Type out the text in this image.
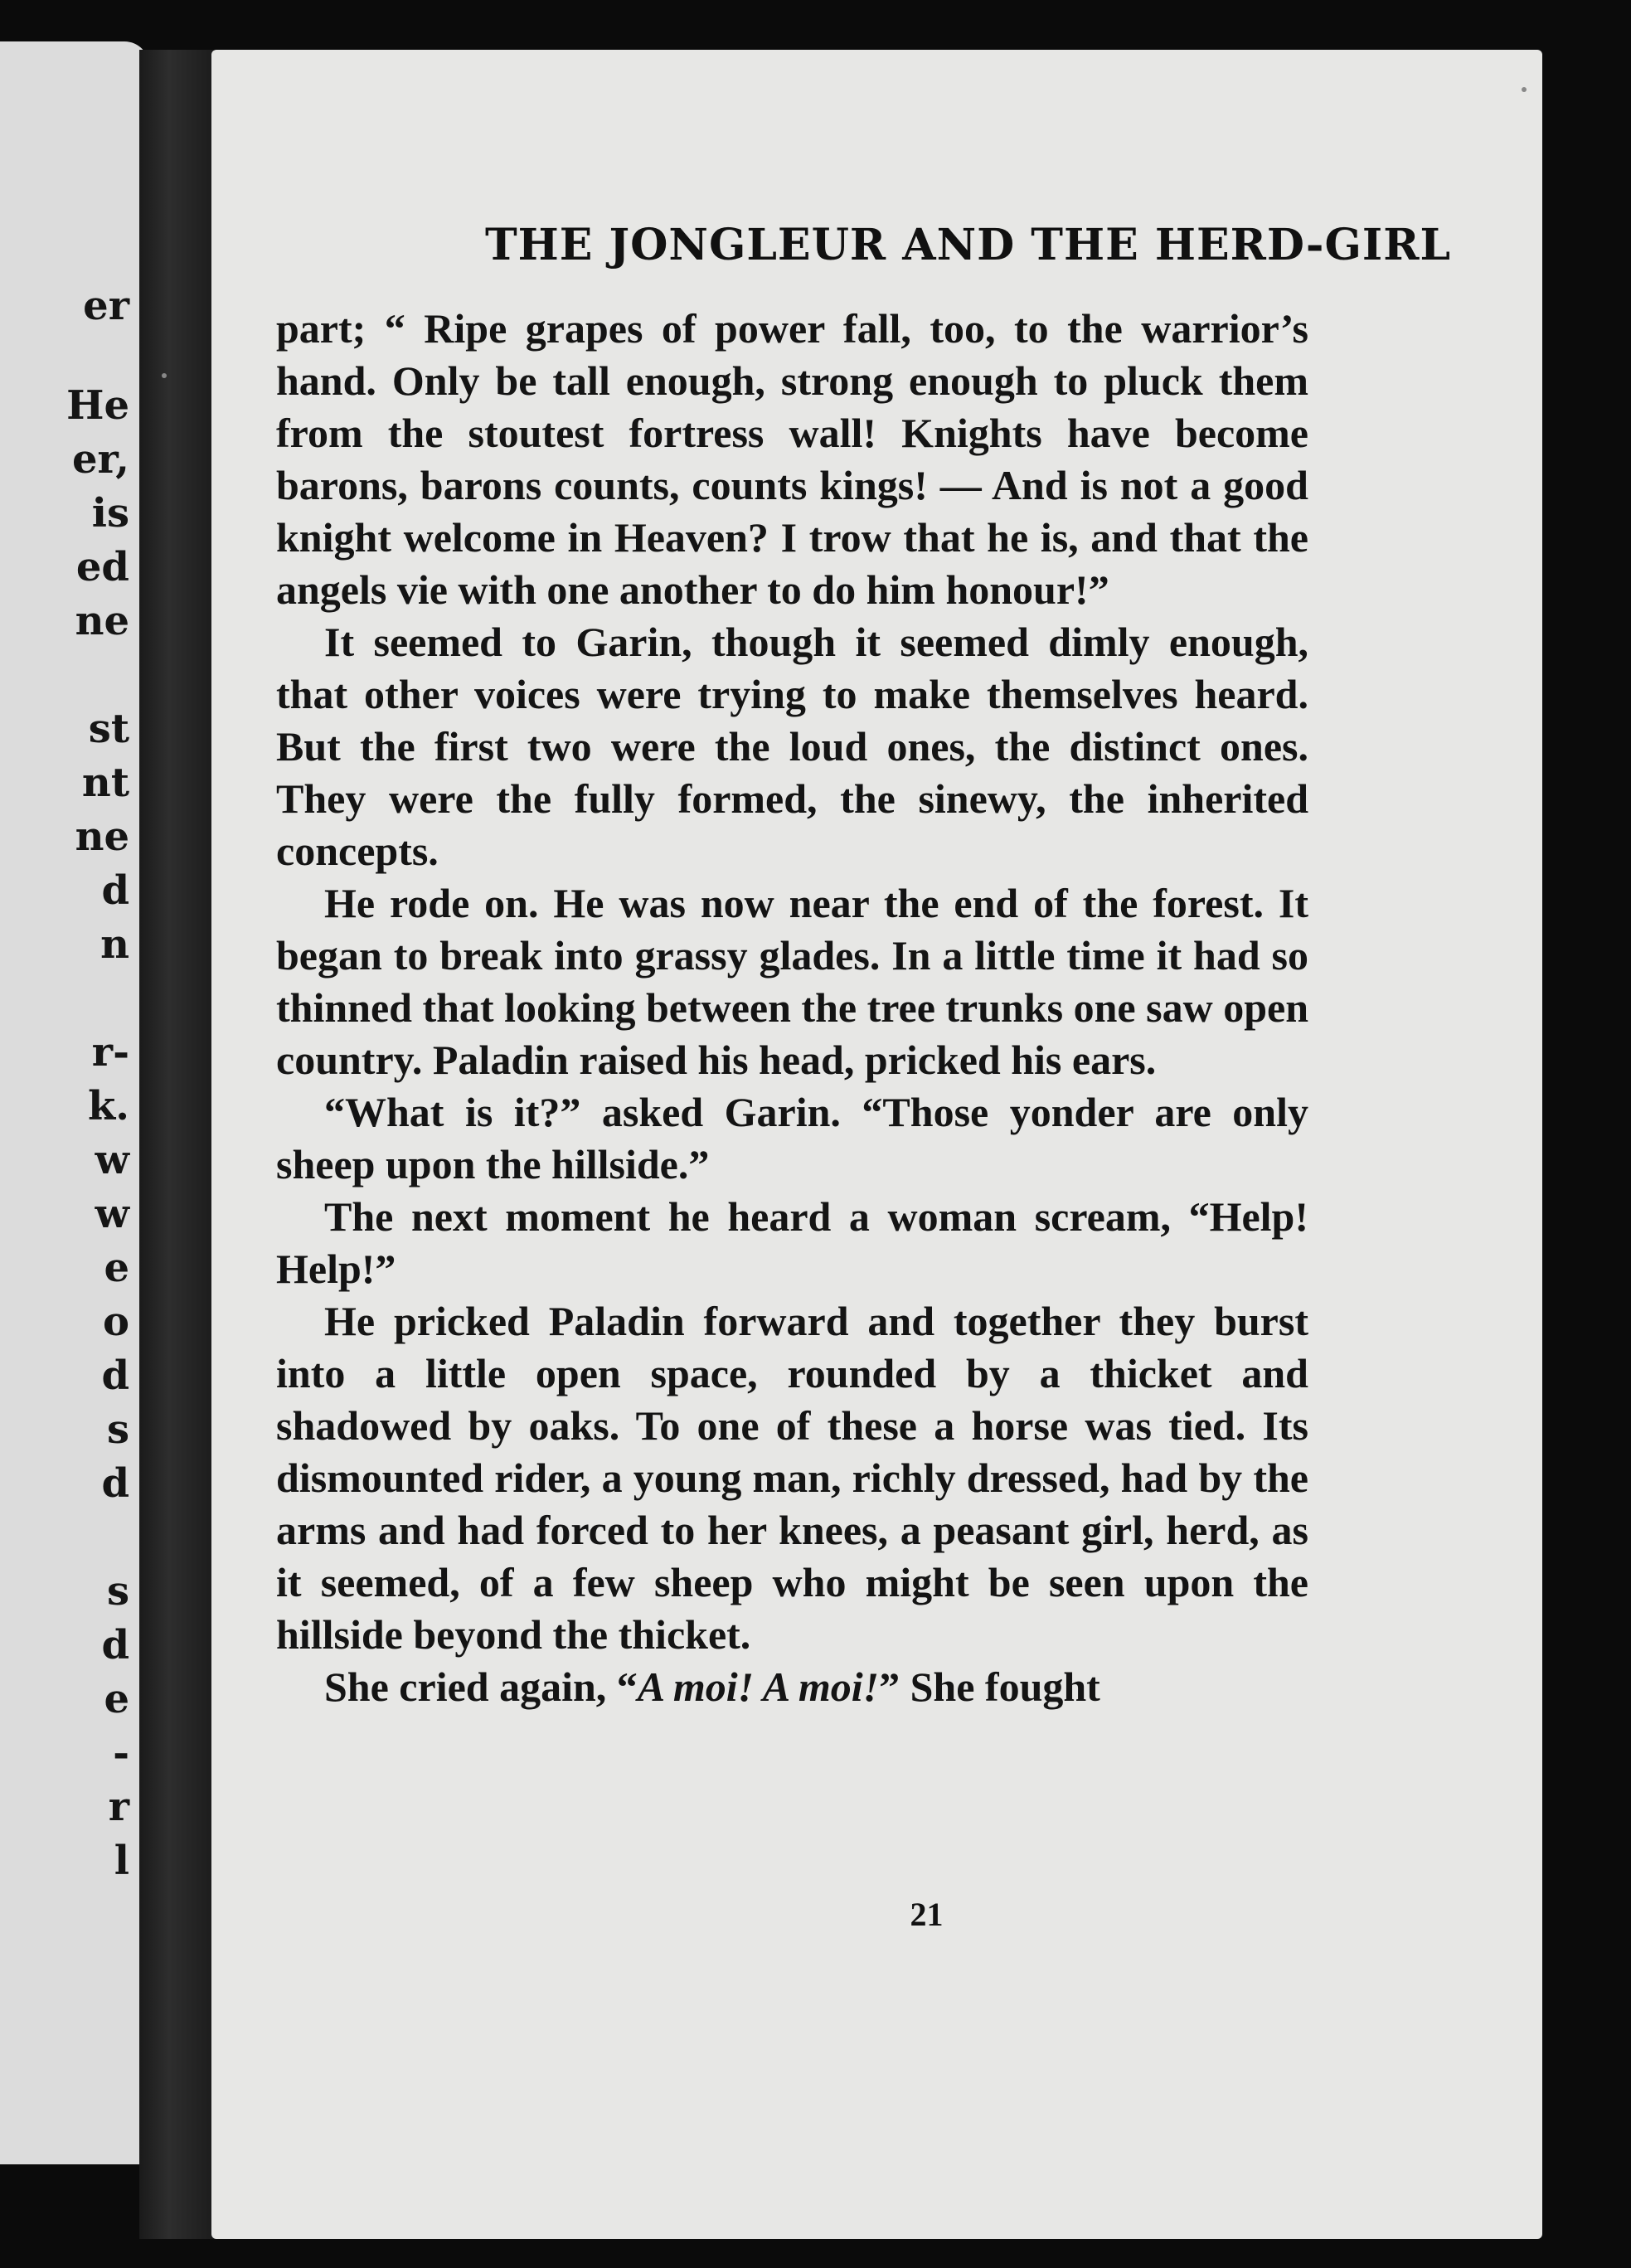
er
He
er,
is
ed
ne
st
nt
ne
d
n
r-
k.
w
w
e
o
d
s
d
s
d
e
-
r
l
THE JONGLEUR AND THE HERD-GIRL

part; “ Ripe grapes of power fall, too, to the warrior’s hand. Only be tall enough, strong enough to pluck them from the stoutest fortress wall! Knights have become barons, barons counts, counts kings! — And is not a good knight welcome in Heaven? I trow that he is, and that the angels vie with one another to do him honour!”

It seemed to Garin, though it seemed dimly enough, that other voices were trying to make themselves heard. But the first two were the loud ones, the distinct ones. They were the fully formed, the sinewy, the inherited concepts.

He rode on. He was now near the end of the forest. It began to break into grassy glades. In a little time it had so thinned that looking between the tree trunks one saw open country. Paladin raised his head, pricked his ears.

“What is it?” asked Garin. “Those yonder are only sheep upon the hillside.”

The next moment he heard a woman scream, “Help! Help!”

He pricked Paladin forward and together they burst into a little open space, rounded by a thicket and shadowed by oaks. To one of these a horse was tied. Its dismounted rider, a young man, richly dressed, had by the arms and had forced to her knees, a peasant girl, herd, as it seemed, of a few sheep who might be seen upon the hillside beyond the thicket.

She cried again, “A moi! A moi!” She fought

21
